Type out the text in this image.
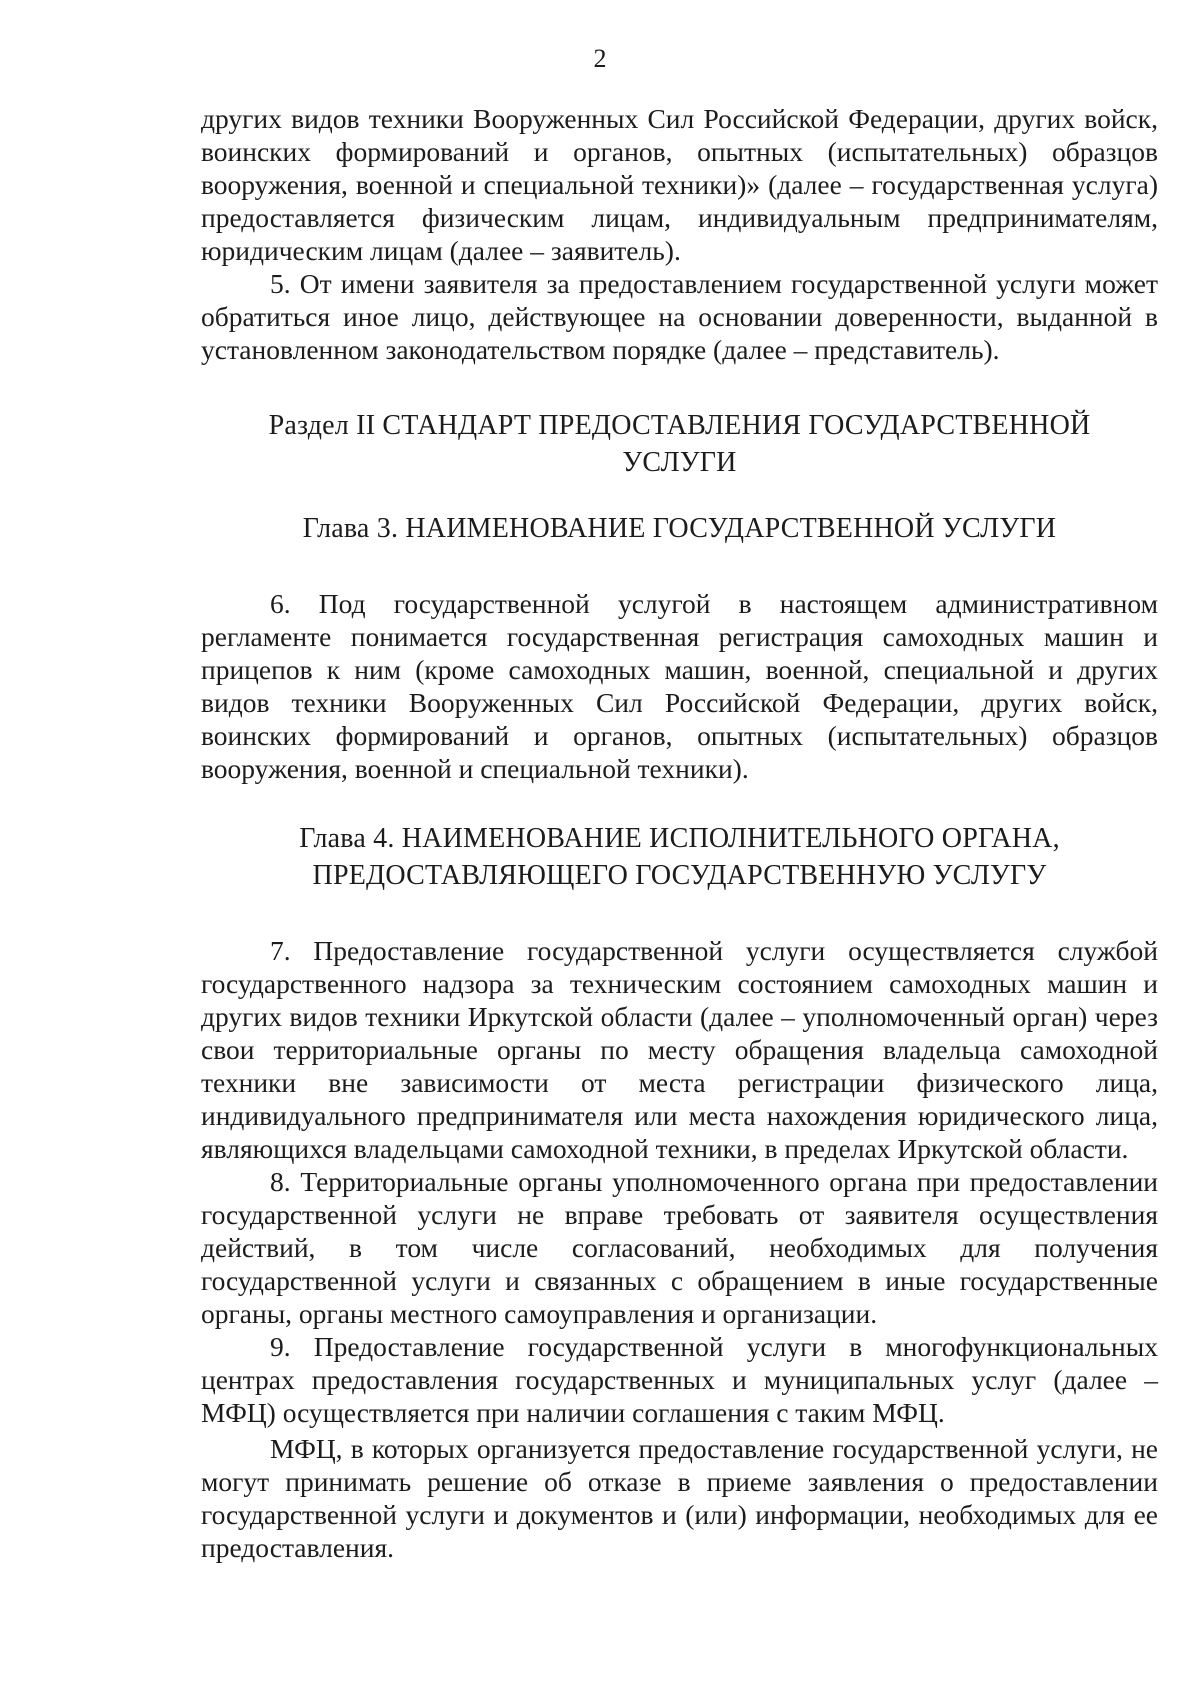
2

других видов техники Вооруженных Сил Российской Федерации, других войск, воинских формирований и органов, опытных (испытательных) образцов вооружения, военной и специальной техники)» (далее – государственная услуга) предоставляется физическим лицам, индивидуальным предпринимателям, юридическим лицам (далее – заявитель).

5. От имени заявителя за предоставлением государственной услуги может обратиться иное лицо, действующее на основании доверенности, выданной в установленном законодательством порядке (далее – представитель).

Раздел II СТАНДАРТ ПРЕДОСТАВЛЕНИЯ ГОСУДАРСТВЕННОЙ
УСЛУГИ
Глава 3. НАИМЕНОВАНИЕ ГОСУДАРСТВЕННОЙ УСЛУГИ

6. Под государственной услугой в настоящем административном регламенте понимается государственная регистрация самоходных машин и прицепов к ним (кроме самоходных машин, военной, специальной и других видов техники Вооруженных Сил Российской Федерации, других войск, воинских формирований и органов, опытных (испытательных) образцов вооружения, военной и специальной техники).

Глава 4. НАИМЕНОВАНИЕ ИСПОЛНИТЕЛЬНОГО ОРГАНА,
ПРЕДОСТАВЛЯЮЩЕГО ГОСУДАРСТВЕННУЮ УСЛУГУ

7. Предоставление государственной услуги осуществляется службой государственного надзора за техническим состоянием самоходных машин и других видов техники Иркутской области (далее – уполномоченный орган) через свои территориальные органы по месту обращения владельца самоходной техники вне зависимости от места регистрации физического лица, индивидуального предпринимателя или места нахождения юридического лица, являющихся владельцами самоходной техники, в пределах Иркутской области.

8. Территориальные органы уполномоченного органа при предоставлении государственной услуги не вправе требовать от заявителя осуществления действий, в том числе согласований, необходимых для получения государственной услуги и связанных с обращением в иные государственные органы, органы местного самоуправления и организации.

9. Предоставление государственной услуги в многофункциональных центрах предоставления государственных и муниципальных услуг (далее – МФЦ) осуществляется при наличии соглашения с таким МФЦ.

МФЦ, в которых организуется предоставление государственной услуги, не могут принимать решение об отказе в приеме заявления о предоставлении государственной услуги и документов и (или) информации, необходимых для ее предоставления.
